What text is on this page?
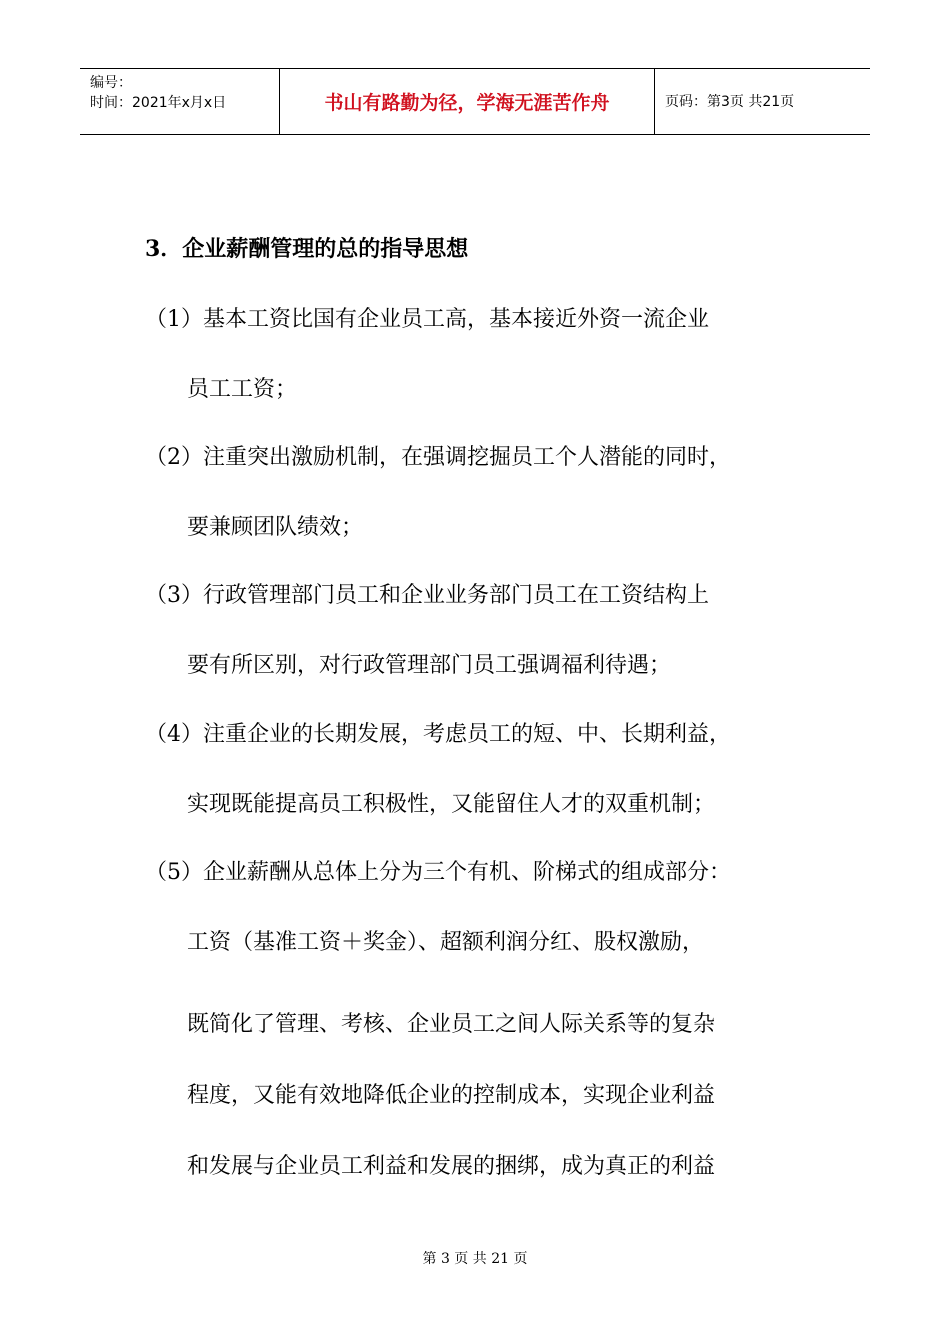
编号：
时间：2021年x月x日	书山有路勤为径，学海无涯苦作舟	页码：第3页 共21页
3．企业薪酬管理的总的指导思想
（1）基本工资比国有企业员工高，基本接近外资一流企业
员工工资；
（2）注重突出激励机制，在强调挖掘员工个人潜能的同时，
要兼顾团队绩效；
（3）行政管理部门员工和企业业务部门员工在工资结构上
要有所区别，对行政管理部门员工强调福利待遇；
（4）注重企业的长期发展，考虑员工的短、中、长期利益，
实现既能提高员工积极性，又能留住人才的双重机制；
（5）企业薪酬从总体上分为三个有机、阶梯式的组成部分：
工资（基准工资＋奖金）、超额利润分红、股权激励，
既简化了管理、考核、企业员工之间人际关系等的复杂
程度，又能有效地降低企业的控制成本，实现企业利益
和发展与企业员工利益和发展的捆绑，成为真正的利益
第 3 页 共 21 页
